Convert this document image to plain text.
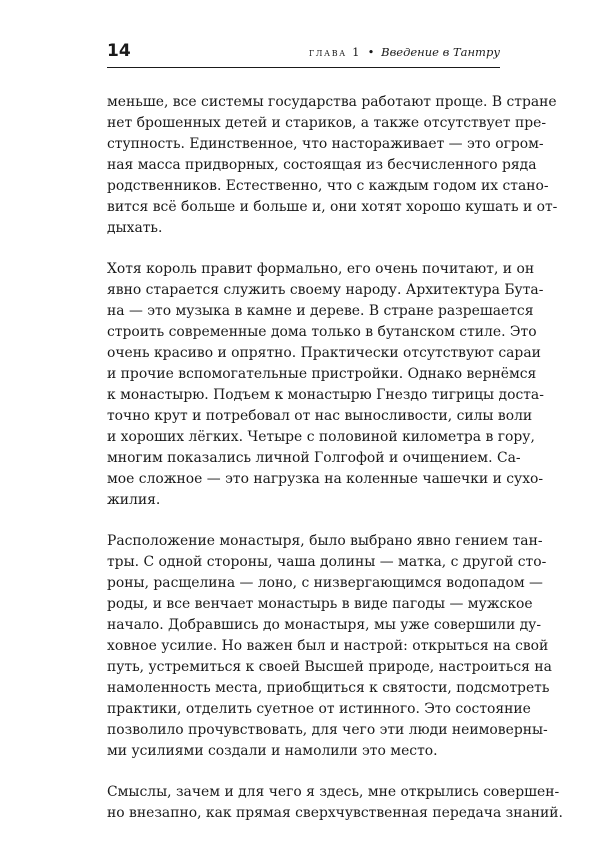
14	глава 1 • Введение в Тантру
меньше, все системы государства работают проще. В стране
нет брошенных детей и стариков, а также отсутствует пре-
ступность. Единственное, что настораживает — это огром-
ная масса придворных, состоящая из бесчисленного ряда
родственников. Естественно, что с каждым годом их стано-
вится всё больше и больше и, они хотят хорошо кушать и от-
дыхать.
Хотя король правит формально, его очень почитают, и он
явно старается служить своему народу. Архитектура Бута-
на — это музыка в камне и дереве. В стране разрешается
строить современные дома только в бутанском стиле. Это
очень красиво и опрятно. Практически отсутствуют сараи
и прочие вспомогательные пристройки. Однако вернёмся
к монастырю. Подъем к монастырю Гнездо тигрицы доста-
точно крут и потребовал от нас выносливости, силы воли
и хороших лёгких. Четыре с половиной километра в гору,
многим показались личной Голгофой и очищением. Са-
мое сложное — это нагрузка на коленные чашечки и сухо-
жилия.
Расположение монастыря, было выбрано явно гением тан-
тры. С одной стороны, чаша долины — матка, с другой сто-
роны, расщелина — лоно, с низвергающимся водопадом —
роды, и все венчает монастырь в виде пагоды — мужское
начало. Добравшись до монастыря, мы уже совершили ду-
ховное усилие. Но важен был и настрой: открыться на свой
путь, устремиться к своей Высшей природе, настроиться на
намоленность места, приобщиться к святости, подсмотреть
практики, отделить суетное от истинного. Это состояние
позволило прочувствовать, для чего эти люди неимоверны-
ми усилиями создали и намолили это место.
Смыслы, зачем и для чего я здесь, мне открылись совершен-
но внезапно, как прямая сверхчувственная передача знаний.
